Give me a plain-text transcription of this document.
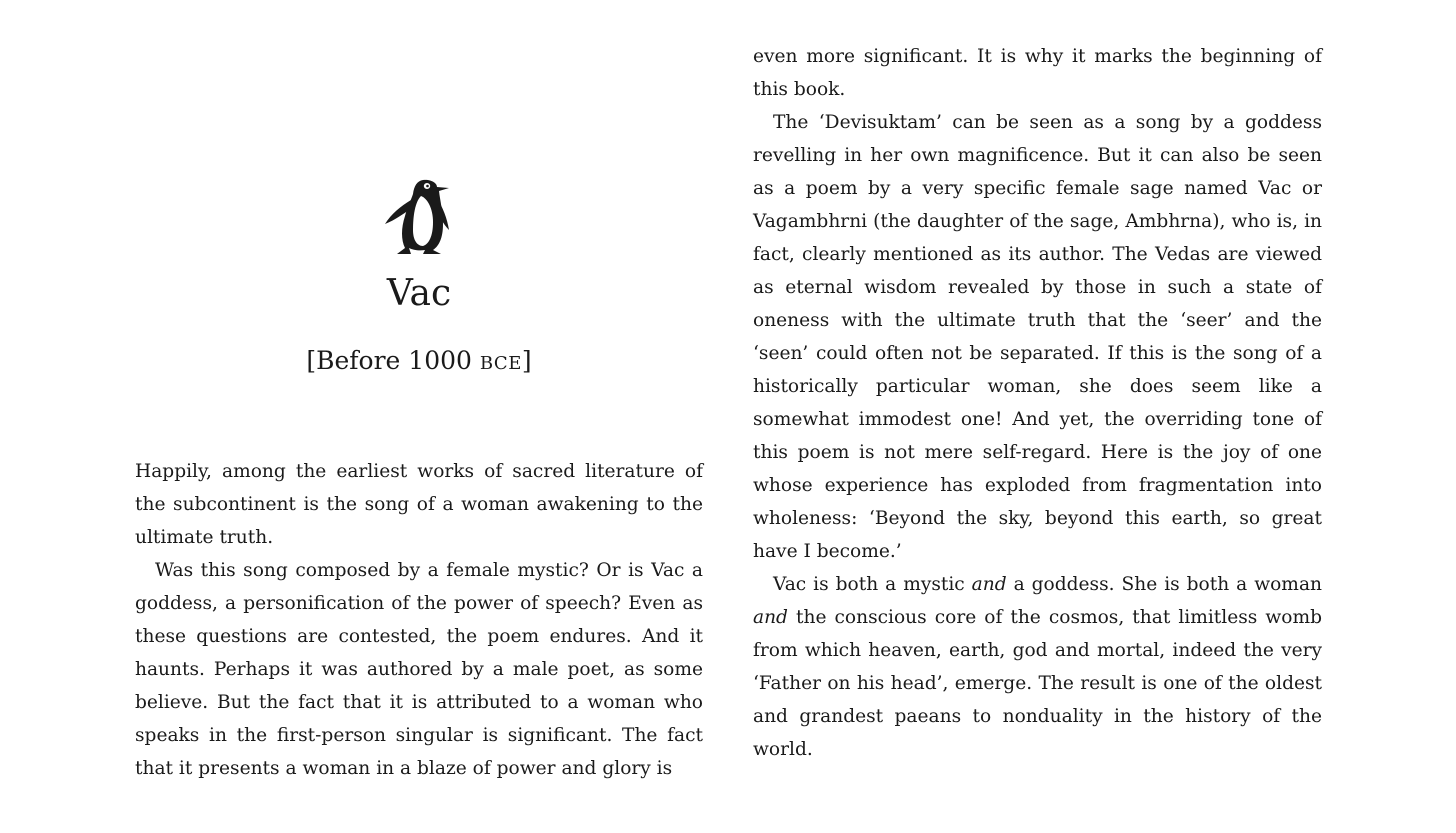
Vac
[Before 1000 bce]

Happily, among the earliest works of sacred literature of the subcontinent is the song of a woman awakening to the ultimate truth.

Was this song composed by a female mystic? Or is Vac a goddess, a personification of the power of speech? Even as these questions are contested, the poem endures. And it haunts. Perhaps it was authored by a male poet, as some believe. But the fact that it is attributed to a woman who speaks in the first-person singular is significant. The fact that it presents a woman in a blaze of power and glory is

even more significant. It is why it marks the beginning of this book.

The ‘Devisuktam’ can be seen as a song by a goddess revelling in her own magnificence. But it can also be seen as a poem by a very specific female sage named Vac or Vagambhrni (the daughter of the sage, Ambhrna), who is, in fact, clearly mentioned as its author. The Vedas are viewed as eternal wisdom revealed by those in such a state of oneness with the ultimate truth that the ‘seer’ and the ‘seen’ could often not be separated. If this is the song of a historically particular woman, she does seem like a somewhat immodest one! And yet, the overriding tone of this poem is not mere self-regard. Here is the joy of one whose experience has exploded from fragmentation into wholeness: ‘Beyond the sky, beyond this earth, so great have I become.’

Vac is both a mystic and a goddess. She is both a woman and the conscious core of the cosmos, that limitless womb from which heaven, earth, god and mortal, indeed the very ‘Father on his head’, emerge. The result is one of the oldest and grandest paeans to nonduality in the history of the world.
